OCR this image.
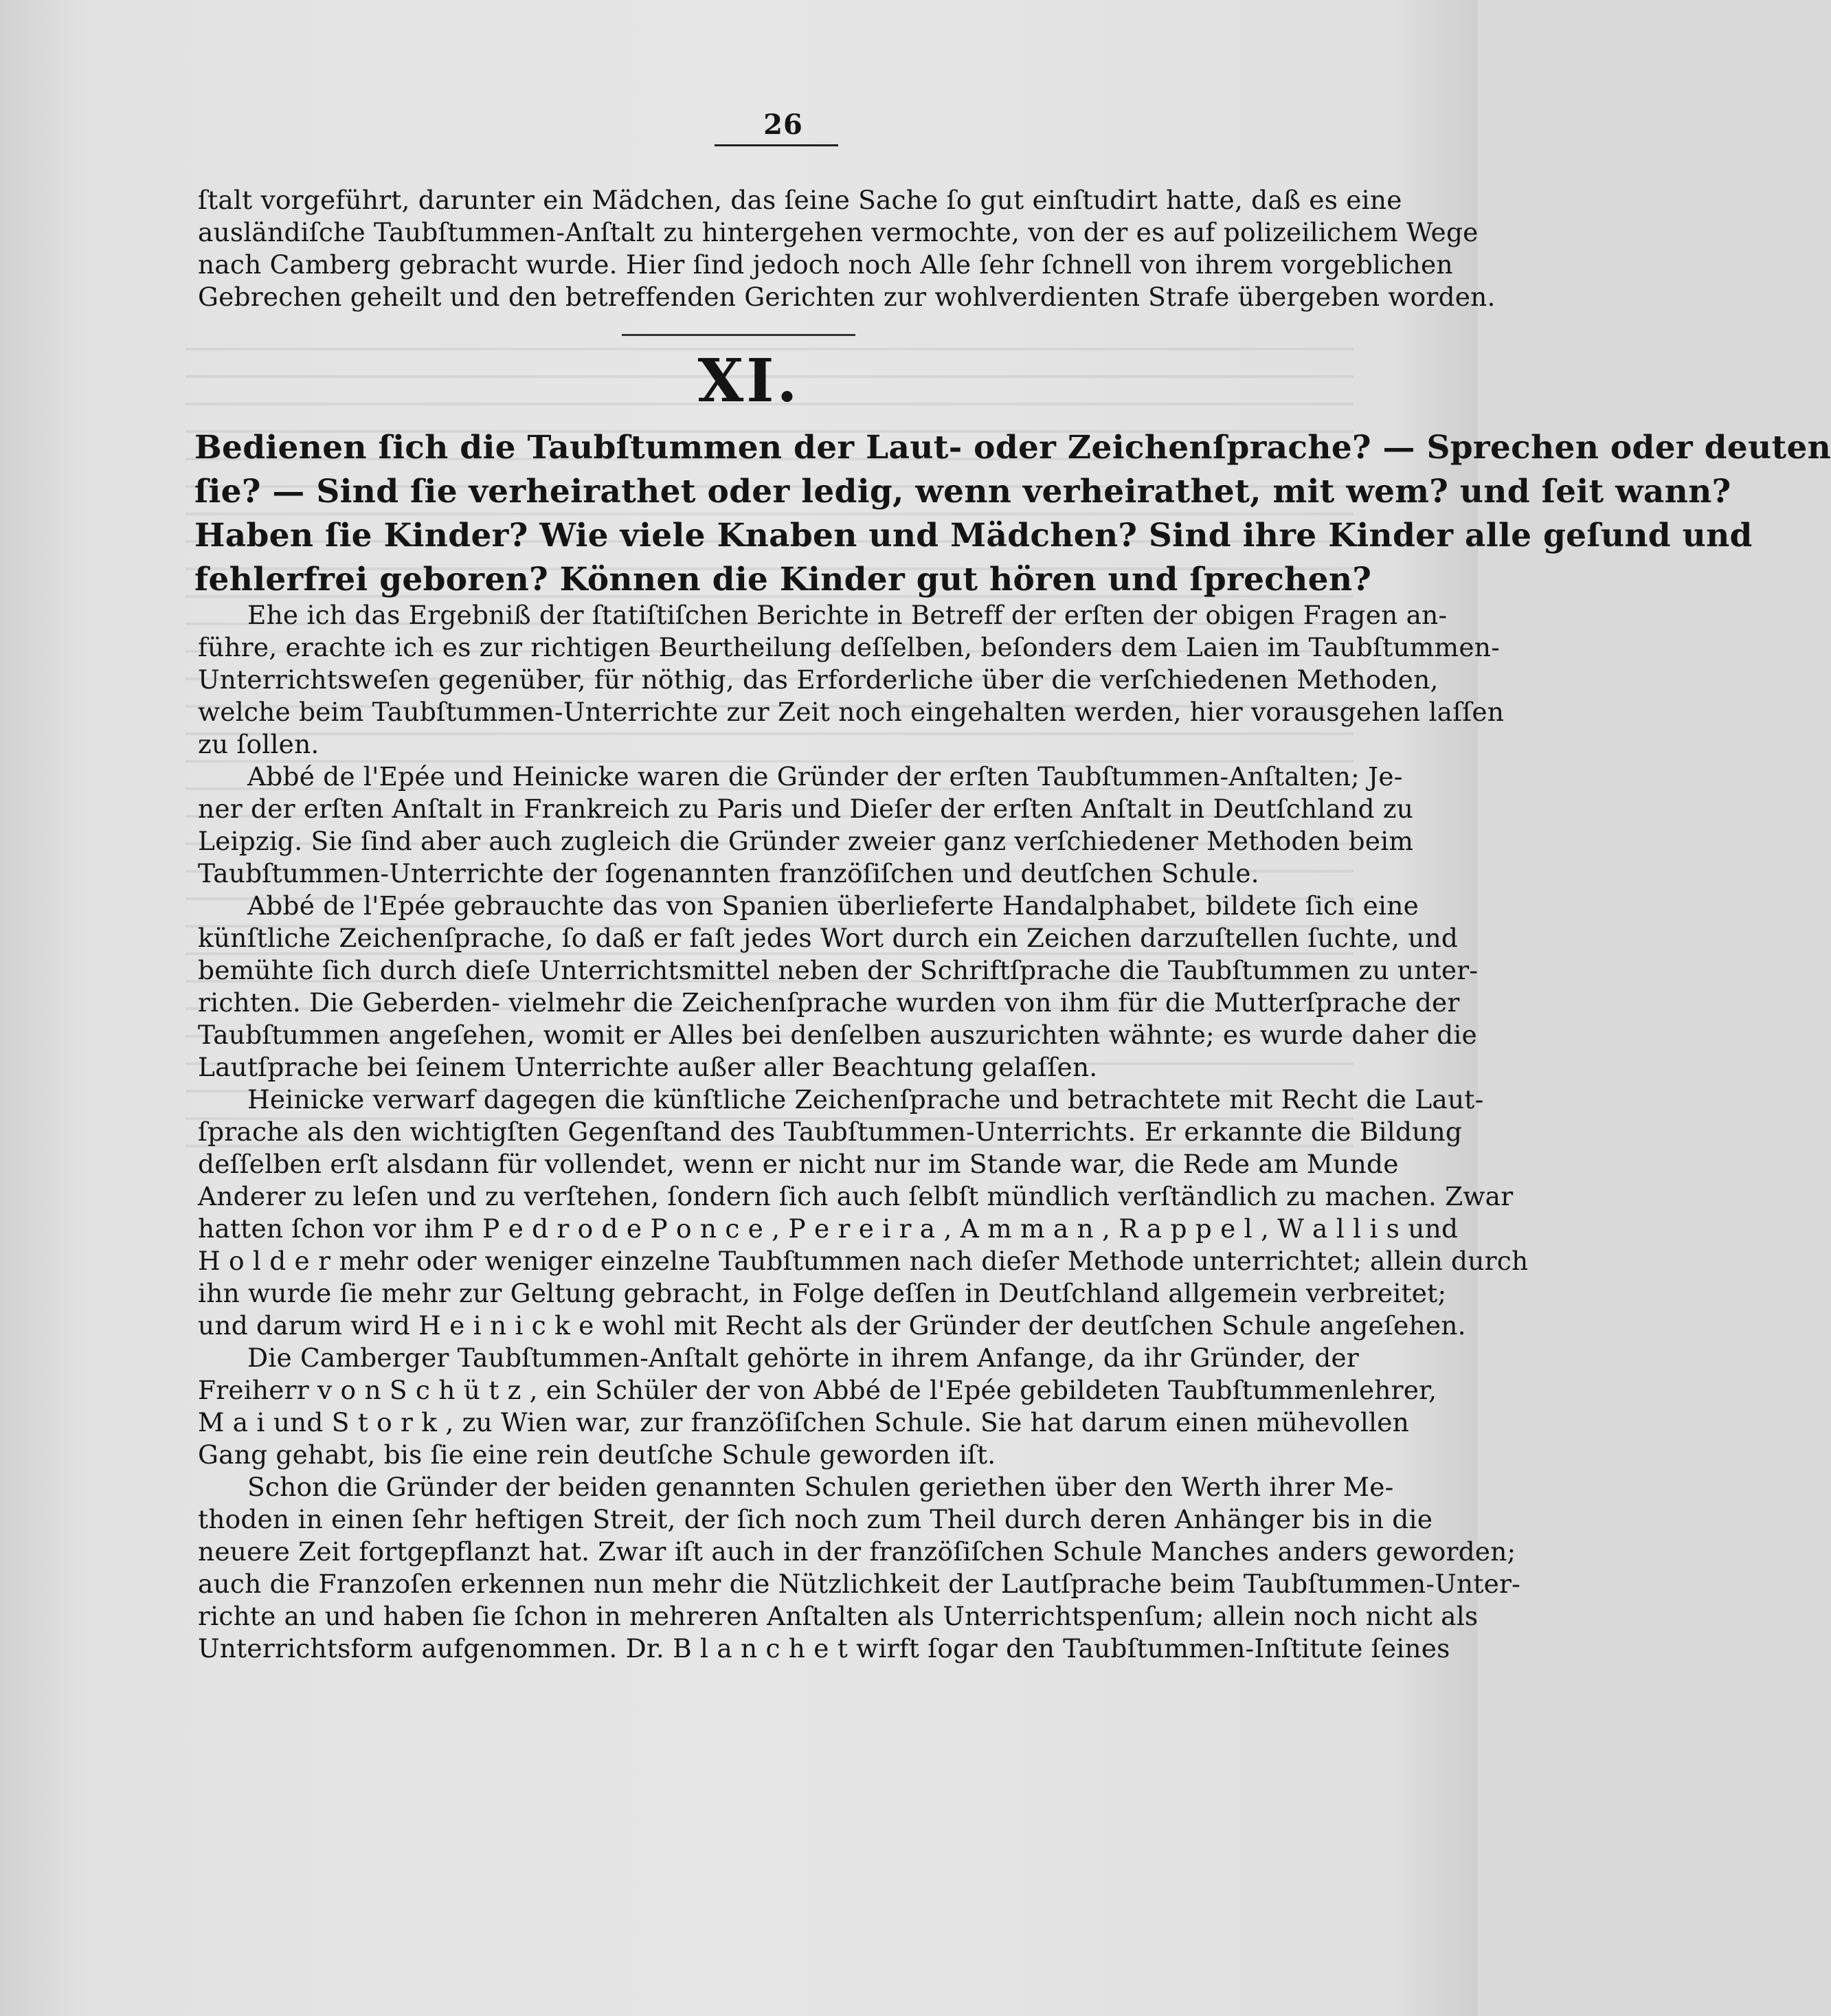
26
ſtalt vorgeführt, darunter ein Mädchen, das ſeine Sache ſo gut einſtudirt hatte, daß es eine
ausländiſche Taubſtummen-Anſtalt zu hintergehen vermochte, von der es auf polizeilichem Wege
nach Camberg gebracht wurde. Hier ſind jedoch noch Alle ſehr ſchnell von ihrem vorgeblichen
Gebrechen geheilt und den betreffenden Gerichten zur wohlverdienten Strafe übergeben worden.
XI.
Bedienen ſich die Taubſtummen der Laut- oder Zeichenſprache? — Sprechen oder deuten
ſie? — Sind ſie verheirathet oder ledig, wenn verheirathet, mit wem? und ſeit wann?
Haben ſie Kinder? Wie viele Knaben und Mädchen? Sind ihre Kinder alle geſund und
fehlerfrei geboren? Können die Kinder gut hören und ſprechen?
Ehe ich das Ergebniß der ſtatiſtiſchen Berichte in Betreff der erſten der obigen Fragen an-
führe, erachte ich es zur richtigen Beurtheilung deſſelben, beſonders dem Laien im Taubſtummen-
Unterrichtsweſen gegenüber, für nöthig, das Erforderliche über die verſchiedenen Methoden,
welche beim Taubſtummen-Unterrichte zur Zeit noch eingehalten werden, hier vorausgehen laſſen
zu ſollen.
Abbé de l'Epée und Heinicke waren die Gründer der erſten Taubſtummen-Anſtalten; Je-
ner der erſten Anſtalt in Frankreich zu Paris und Dieſer der erſten Anſtalt in Deutſchland zu
Leipzig. Sie ſind aber auch zugleich die Gründer zweier ganz verſchiedener Methoden beim
Taubſtummen-Unterrichte der ſogenannten franzöſiſchen und deutſchen Schule.
Abbé de l'Epée gebrauchte das von Spanien überlieferte Handalphabet, bildete ſich eine
künſtliche Zeichenſprache, ſo daß er faſt jedes Wort durch ein Zeichen darzuſtellen ſuchte, und
bemühte ſich durch dieſe Unterrichtsmittel neben der Schriftſprache die Taubſtummen zu unter-
richten. Die Geberden- vielmehr die Zeichenſprache wurden von ihm für die Mutterſprache der
Taubſtummen angeſehen, womit er Alles bei denſelben auszurichten wähnte; es wurde daher die
Lautſprache bei ſeinem Unterrichte außer aller Beachtung gelaſſen.
Heinicke verwarf dagegen die künſtliche Zeichenſprache und betrachtete mit Recht die Laut-
ſprache als den wichtigſten Gegenſtand des Taubſtummen-Unterrichts. Er erkannte die Bildung
deſſelben erſt alsdann für vollendet, wenn er nicht nur im Stande war, die Rede am Munde
Anderer zu leſen und zu verſtehen, ſondern ſich auch ſelbſt mündlich verſtändlich zu machen. Zwar
hatten ſchon vor ihm P e d r o d e P o n c e , P e r e i r a , A m m a n , R a p p e l , W a l l i s und
H o l d e r mehr oder weniger einzelne Taubſtummen nach dieſer Methode unterrichtet; allein durch
ihn wurde ſie mehr zur Geltung gebracht, in Folge deſſen in Deutſchland allgemein verbreitet;
und darum wird H e i n i c k e wohl mit Recht als der Gründer der deutſchen Schule angeſehen.
Die Camberger Taubſtummen-Anſtalt gehörte in ihrem Anfange, da ihr Gründer, der
Freiherr v o n S c h ü t z , ein Schüler der von Abbé de l'Epée gebildeten Taubſtummenlehrer,
M a i und S t o r k , zu Wien war, zur franzöſiſchen Schule. Sie hat darum einen mühevollen
Gang gehabt, bis ſie eine rein deutſche Schule geworden iſt.
Schon die Gründer der beiden genannten Schulen geriethen über den Werth ihrer Me-
thoden in einen ſehr heftigen Streit, der ſich noch zum Theil durch deren Anhänger bis in die
neuere Zeit fortgepflanzt hat. Zwar iſt auch in der franzöſiſchen Schule Manches anders geworden;
auch die Franzoſen erkennen nun mehr die Nützlichkeit der Lautſprache beim Taubſtummen-Unter-
richte an und haben ſie ſchon in mehreren Anſtalten als Unterrichtspenſum; allein noch nicht als
Unterrichtsform aufgenommen. Dr. B l a n c h e t wirft ſogar den Taubſtummen-Inſtitute ſeines
